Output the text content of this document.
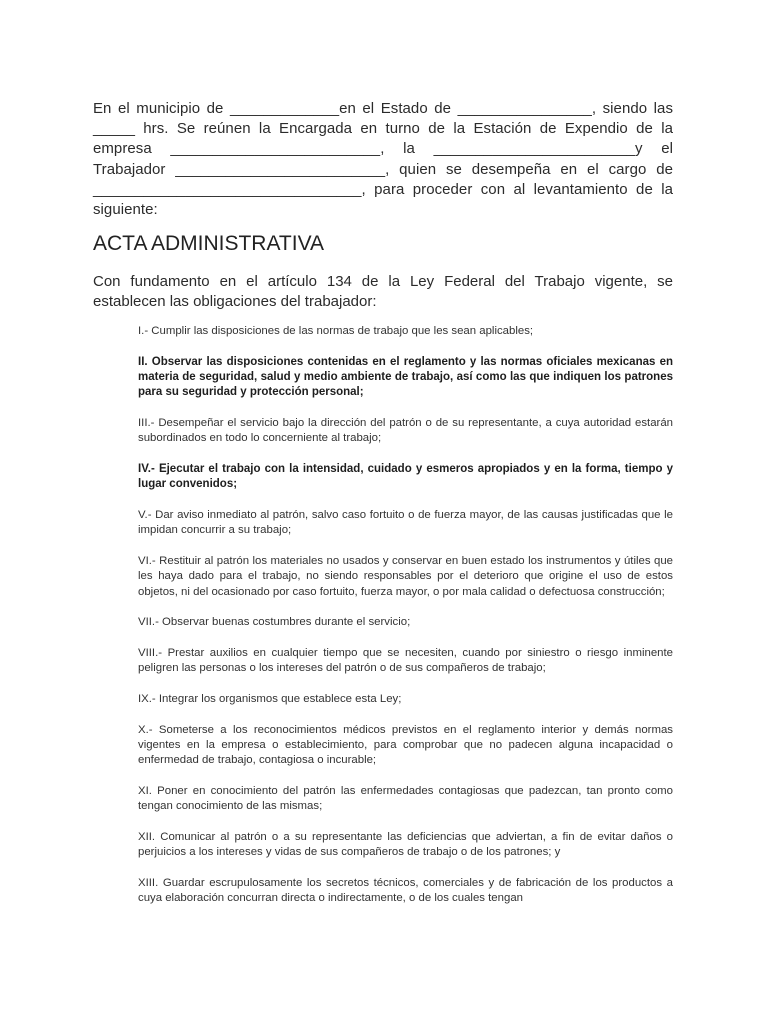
En el municipio de _____________en el Estado de ________________, siendo las _____ hrs. Se reúnen la Encargada en turno de la Estación de Expendio de la empresa _________________________, la ________________________y el Trabajador _________________________, quien se desempeña en el cargo de ________________________________, para proceder con al levantamiento de la siguiente:

ACTA ADMINISTRATIVA

Con fundamento en el artículo 134 de la Ley Federal del Trabajo vigente, se establecen las obligaciones del trabajador:

I.- Cumplir las disposiciones de las normas de trabajo que les sean aplicables;
II. Observar las disposiciones contenidas en el reglamento y las normas oficiales mexicanas en materia de seguridad, salud y medio ambiente de trabajo, así como las que indiquen los patrones para su seguridad y protección personal;
III.- Desempeñar el servicio bajo la dirección del patrón o de su representante, a cuya autoridad estarán subordinados en todo lo concerniente al trabajo;
IV.- Ejecutar el trabajo con la intensidad, cuidado y esmeros apropiados y en la forma, tiempo y lugar convenidos;
V.- Dar aviso inmediato al patrón, salvo caso fortuito o de fuerza mayor, de las causas justificadas que le impidan concurrir a su trabajo;
VI.- Restituir al patrón los materiales no usados y conservar en buen estado los instrumentos y útiles que les haya dado para el trabajo, no siendo responsables por el deterioro que origine el uso de estos objetos, ni del ocasionado por caso fortuito, fuerza mayor, o por mala calidad o defectuosa construcción;
VII.- Observar buenas costumbres durante el servicio;
VIII.- Prestar auxilios en cualquier tiempo que se necesiten, cuando por siniestro o riesgo inminente peligren las personas o los intereses del patrón o de sus compañeros de trabajo;
IX.- Integrar los organismos que establece esta Ley;
X.- Someterse a los reconocimientos médicos previstos en el reglamento interior y demás normas vigentes en la empresa o establecimiento, para comprobar que no padecen alguna incapacidad o enfermedad de trabajo, contagiosa o incurable;
XI. Poner en conocimiento del patrón las enfermedades contagiosas que padezcan, tan pronto como tengan conocimiento de las mismas;
XII. Comunicar al patrón o a su representante las deficiencias que adviertan, a fin de evitar daños o perjuicios a los intereses y vidas de sus compañeros de trabajo o de los patrones; y
XIII. Guardar escrupulosamente los secretos técnicos, comerciales y de fabricación de los productos a cuya elaboración concurran directa o indirectamente, o de los cuales tengan
